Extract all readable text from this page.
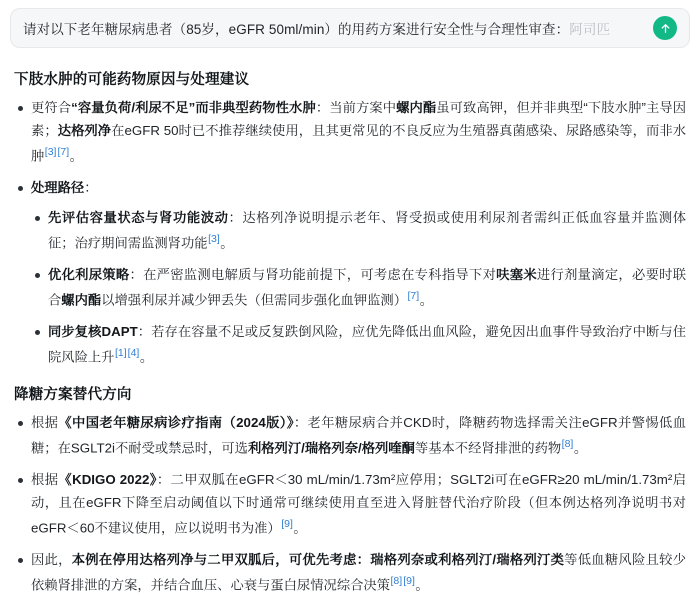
请对以下老年糖尿病患者（85岁，eGFR 50ml/min）的用药方案进行安全性与合理性审查：阿司匹
下肢水肿的可能药物原因与处理建议
更符合“容量负荷/利尿不足”而非典型药物性水肿：当前方案中螺内酯虽可致高钾，但并非典型“下肢水肿”主导因素；达格列净在eGFR 50时已不推荐继续使用，且其更常见的不良反应为生殖器真菌感染、尿路感染等，而非水肿[3][7]。
处理路径：
先评估容量状态与肾功能波动：达格列净说明提示老年、肾受损或使用利尿剂者需纠正低血容量并监测体征；治疗期间需监测肾功能[3]。
优化利尿策略：在严密监测电解质与肾功能前提下，可考虑在专科指导下对呋塞米进行剂量滴定，必要时联合螺内酯以增强利尿并减少钾丢失（但需同步强化血钾监测）[7]。
同步复核DAPT：若存在容量不足或反复跌倒风险，应优先降低出血风险，避免因出血事件导致治疗中断与住院风险上升[1][4]。
降糖方案替代方向
根据《中国老年糖尿病诊疗指南（2024版）》：老年糖尿病合并CKD时，降糖药物选择需关注eGFR并警惕低血糖；在SGLT2i不耐受或禁忌时，可选利格列汀/瑞格列奈/格列喹酮等基本不经肾排泄的药物[8]。
根据《KDIGO 2022》：二甲双胍在eGFR＜30 mL/min/1.73m²应停用；SGLT2i可在eGFR≥20 mL/min/1.73m²启动，且在eGFR下降至启动阈值以下时通常可继续使用直至进入肾脏替代治疗阶段（但本例达格列净说明书对eGFR＜60不建议使用，应以说明书为准）[9]。
因此，本例在停用达格列净与二甲双胍后，可优先考虑：瑞格列奈或利格列汀/瑞格列汀类等低血糖风险且较少依赖肾排泄的方案，并结合血压、心衰与蛋白尿情况综合决策[8][9]。
